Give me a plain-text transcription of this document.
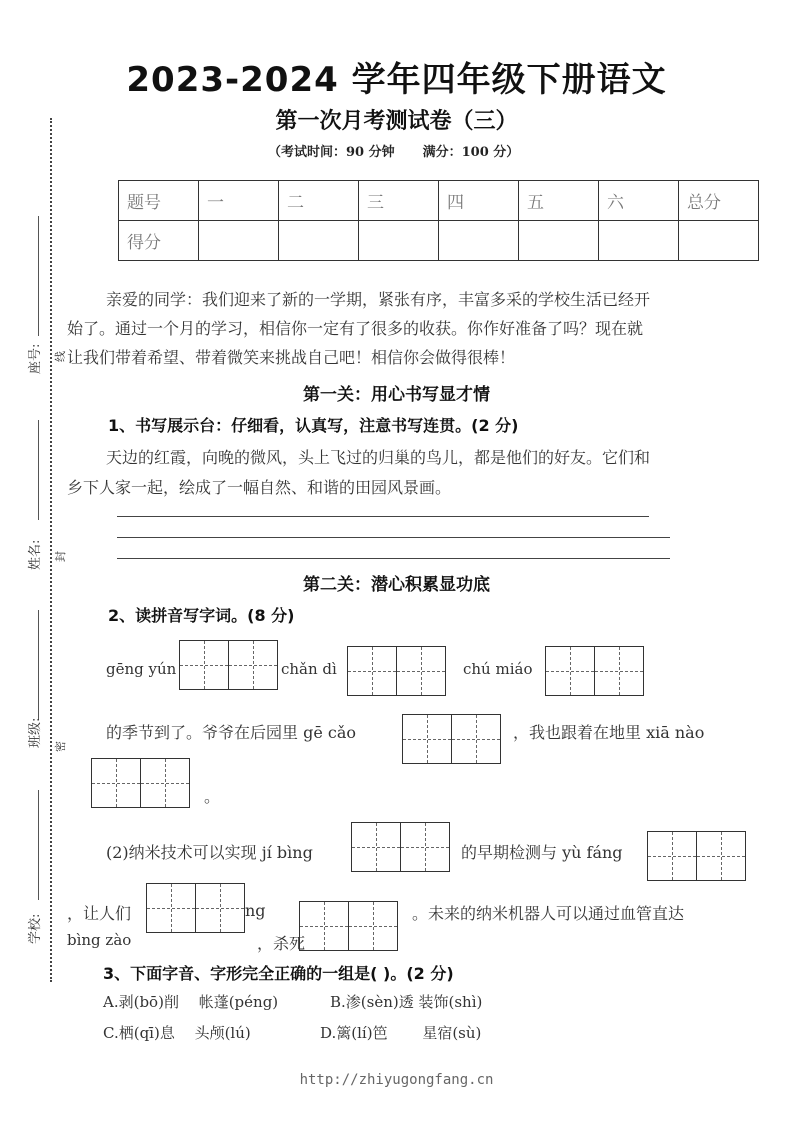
座号:
姓名:
班级:
学校:
线
封
密
2023-2024 学年四年级下册语文
第一次月考测试卷（三）
（考试时间：90 分钟 满分：100 分）
题号	一	二	三	四	五	六	总分
得分							
亲爱的同学：我们迎来了新的一学期，紧张有序，丰富多采的学校生活已经开
始了。通过一个月的学习，相信你一定有了很多的收获。你作好准备了吗？现在就
让我们带着希望、带着微笑来挑战自己吧！相信你会做得很棒！
第一关：用心书写显才情
1、书写展示台：仔细看，认真写，注意书写连贯。(2 分)
天边的红霞，向晚的微风，头上飞过的归巢的鸟儿，都是他们的好友。它们和
乡下人家一起，绘成了一幅自然、和谐的田园风景画。
第二关：潜心积累显功底
2、读拼音写字词。(8 分)
gēng yún	chǎn dì	chú miáo
的季节到了。爷爷在后园里 gē cǎo	，我也跟着在地里 xiā nào
。
(2)纳米技术可以实现 jí bìng	的早期检测与 yù fáng
，让人们	ng	。未来的纳米机器人可以通过血管直达
bìng zào	，杀死
3、下面字音、字形完全正确的一组是( )。(2 分)
A.剥(bō)削　 帐蓬(péng)	B.渗(sèn)透 装饰(shì)
C.栖(qī)息　 头颅(lú)	D.篱(lí)笆　　 星宿(sù)
http://zhiyugongfang.cn
